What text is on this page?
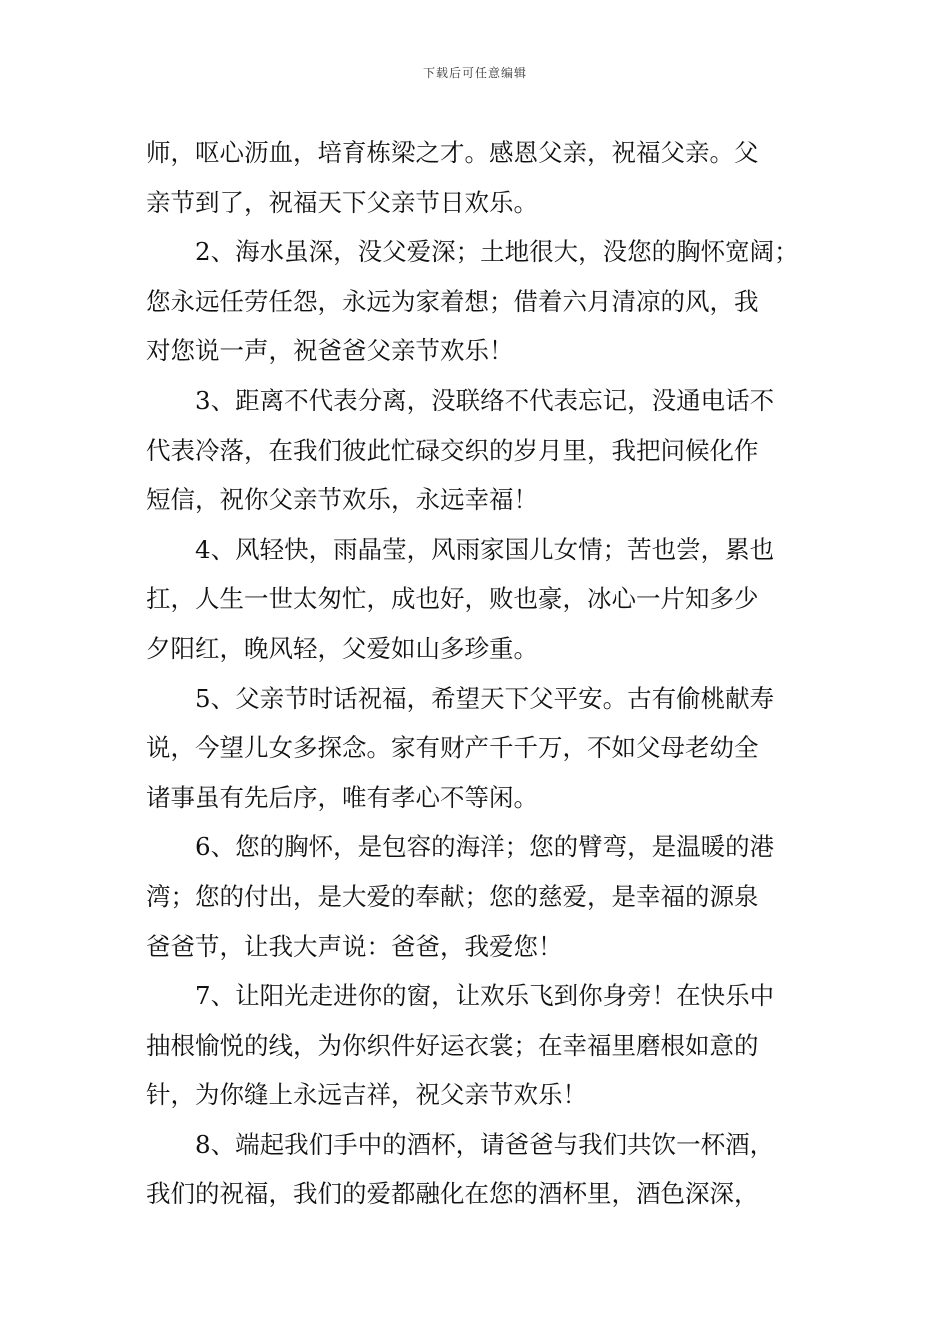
下载后可任意编辑

师，呕心沥血，培育栋梁之才。感恩父亲，祝福父亲。父
亲节到了，祝福天下父亲节日欢乐。

2、海水虽深，没父爱深；土地很大，没您的胸怀宽阔；
您永远任劳任怨，永远为家着想；借着六月清凉的风，我
对您说一声，祝爸爸父亲节欢乐！

3、距离不代表分离，没联络不代表忘记，没通电话不
代表冷落，在我们彼此忙碌交织的岁月里，我把问候化作
短信，祝你父亲节欢乐，永远幸福！

4、风轻快，雨晶莹，风雨家国儿女情；苦也尝，累也
扛，人生一世太匆忙，成也好，败也豪，冰心一片知多少
夕阳红，晚风轻，父爱如山多珍重。

5、父亲节时话祝福，希望天下父平安。古有偷桃献寿
说，今望儿女多探念。家有财产千千万，不如父母老幼全
诸事虽有先后序，唯有孝心不等闲。

6、您的胸怀，是包容的海洋；您的臂弯，是温暖的港
湾；您的付出，是大爱的奉献；您的慈爱，是幸福的源泉
爸爸节，让我大声说：爸爸，我爱您！

7、让阳光走进你的窗，让欢乐飞到你身旁！在快乐中
抽根愉悦的线，为你织件好运衣裳；在幸福里磨根如意的
针，为你缝上永远吉祥，祝父亲节欢乐！

8、端起我们手中的酒杯，请爸爸与我们共饮一杯酒，
我们的祝福，我们的爱都融化在您的酒杯里，酒色深深，
